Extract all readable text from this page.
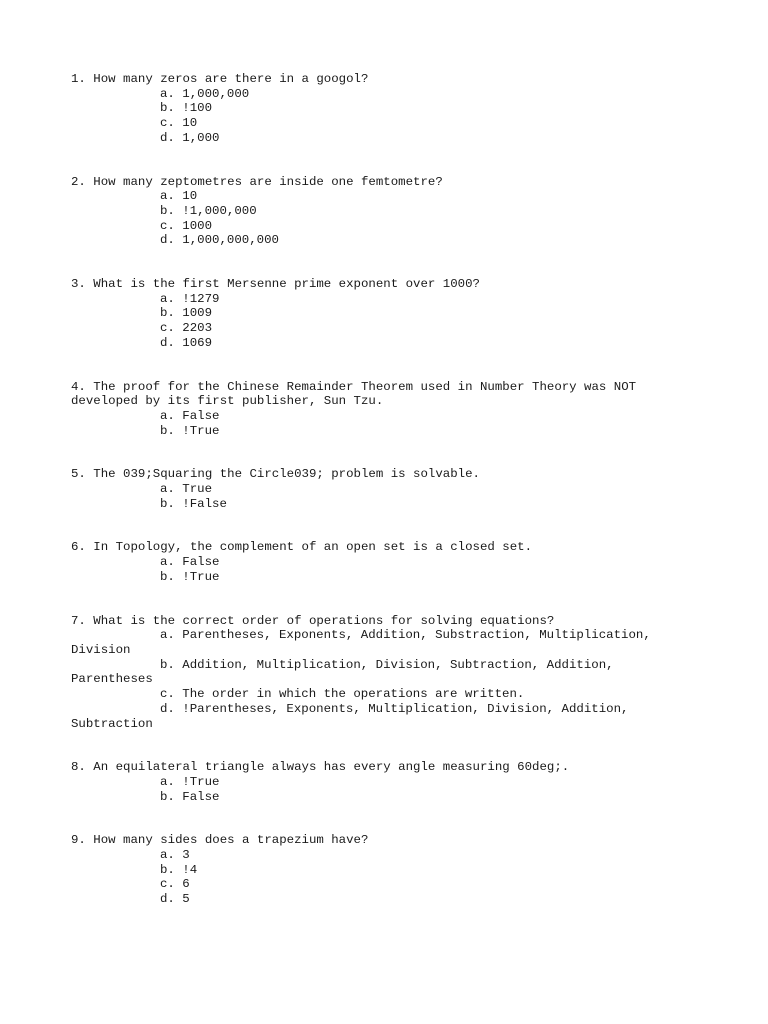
1. How many zeros are there in a googol?

a. 1,000,000

b. !100

c. 10

d. 1,000

2. How many zeptometres are inside one femtometre?

a. 10

b. !1,000,000

c. 1000

d. 1,000,000,000

3. What is the first Mersenne prime exponent over 1000?

a. !1279

b. 1009

c. 2203

d. 1069

4. The proof for the Chinese Remainder Theorem used in Number Theory was NOT developed by its first publisher, Sun Tzu.

a. False

b. !True

5. The 039;Squaring the Circle039; problem is solvable.

a. True

b. !False

6. In Topology, the complement of an open set is a closed set.

a. False

b. !True

7. What is the correct order of operations for solving equations?

a. Parentheses, Exponents, Addition, Substraction, Multiplication, Division

b. Addition, Multiplication, Division, Subtraction, Addition, Parentheses

c. The order in which the operations are written.

d. !Parentheses, Exponents, Multiplication, Division, Addition, Subtraction

8. An equilateral triangle always has every angle measuring 60deg;.

a. !True

b. False

9. How many sides does a trapezium have?

a. 3

b. !4

c. 6

d. 5
